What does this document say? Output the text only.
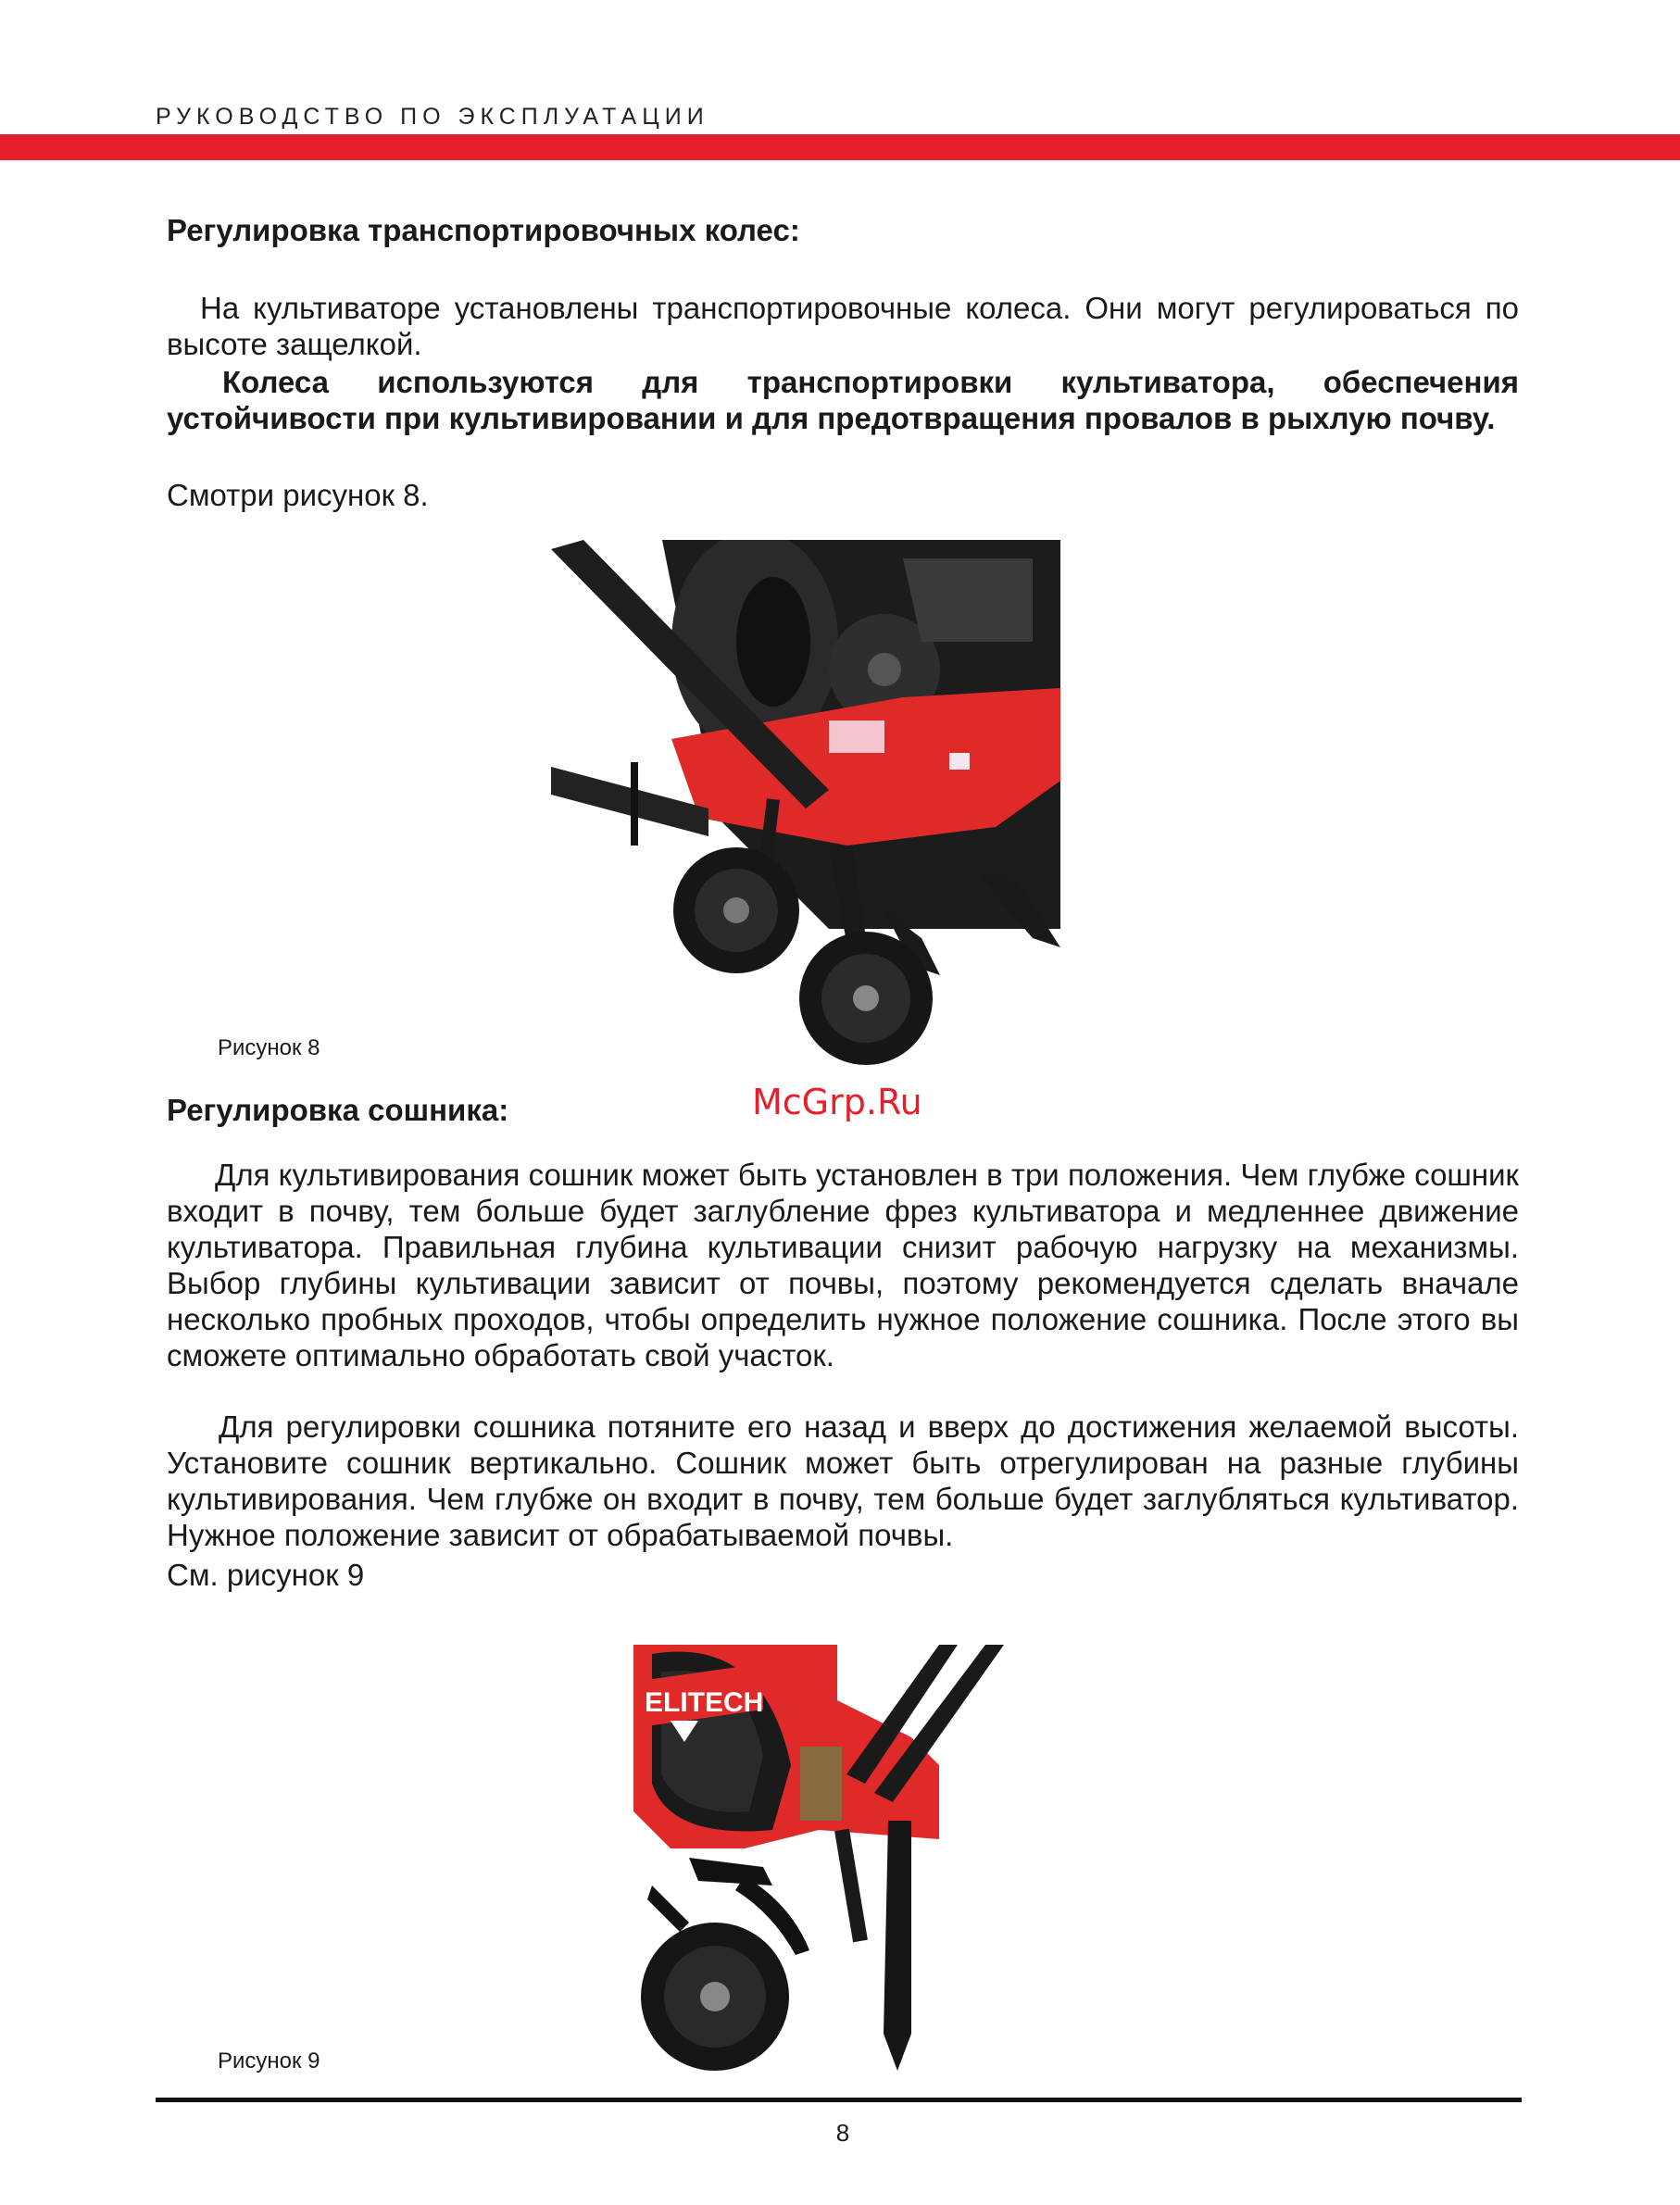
РУКОВОДСТВО ПО ЭКСПЛУАТАЦИИ
Регулировка транспортировочных колес:
На культиваторе установлены транспортировочные колеса. Они могут регулироваться по высоте защелкой.
Колеса используются для транспортировки культиватора, обеспечения устойчивости при культивировании и для предотвращения провалов в рыхлую почву.
Смотри рисунок 8.
Рисунок 8
McGrp.Ru
Регулировка сошника:
Для культивирования сошник может быть установлен в три положения. Чем глубже сошник входит в почву, тем больше будет заглубление фрез культиватора и медленнее движение культиватора. Правильная глубина культивации снизит рабочую нагрузку на механизмы. Выбор глубины культивации зависит от почвы, поэтому рекомендуется сделать вначале несколько пробных проходов, чтобы определить нужное положение сошника. После этого вы сможете оптимально обработать свой участок.
Для регулировки сошника потяните его назад и вверх до достижения желаемой высоты. Установите сошник вертикально. Сошник может быть отрегулирован на разные глубины культивирования. Чем глубже он входит в почву, тем больше будет заглубляться культиватор. Нужное положение зависит от обрабатываемой почвы.
См. рисунок 9
ELITECH
Рисунок 9
8
